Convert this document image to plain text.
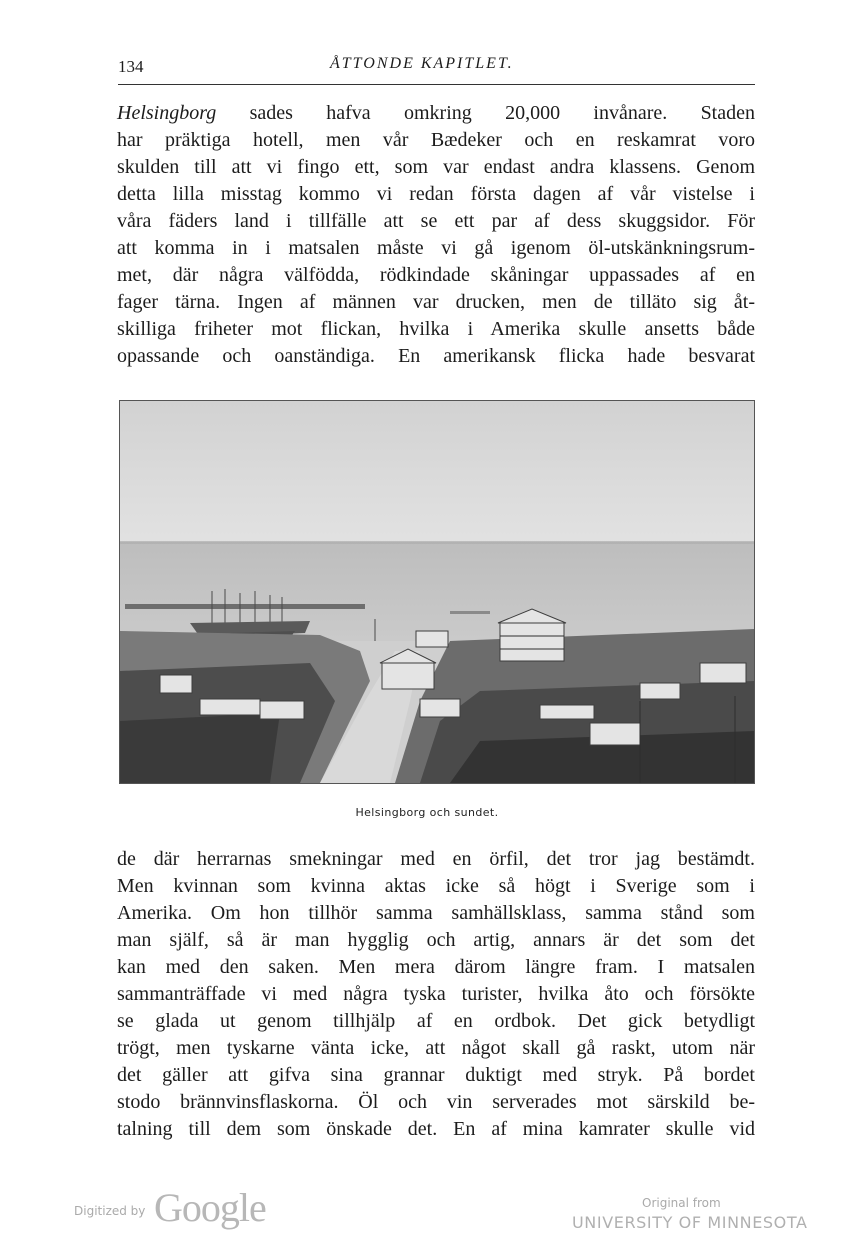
134	ÅTTONDE KAPITLET.
Helsingborg sades hafva omkring 20,000 invånare. Staden
har präktiga hotell, men vår Bædeker och en reskamrat voro
skulden till att vi fingo ett, som var endast andra klassens. Genom
detta lilla misstag kommo vi redan första dagen af vår vistelse i
våra fäders land i tillfälle att se ett par af dess skuggsidor. För
att komma in i matsalen måste vi gå igenom öl-utskänkningsrum-
met, där några välfödda, rödkindade skåningar uppassades af en
fager tärna. Ingen af männen var drucken, men de tilläto sig åt-
skilliga friheter mot flickan, hvilka i Amerika skulle ansetts både
opassande och oanständiga. En amerikansk flicka hade besvarat
Helsingborg och sundet.
de där herrarnas smekningar med en örfil, det tror jag bestämdt.
Men kvinnan som kvinna aktas icke så högt i Sverige som i
Amerika. Om hon tillhör samma samhällsklass, samma stånd som
man själf, så är man hygglig och artig, annars är det som det
kan med den saken. Men mera därom längre fram. I matsalen
sammanträffade vi med några tyska turister, hvilka åto och försökte
se glada ut genom tillhjälp af en ordbok. Det gick betydligt
trögt, men tyskarne vänta icke, att något skall gå raskt, utom när
det gäller att gifva sina grannar duktigt med stryk. På bordet
stodo brännvinsflaskorna. Öl och vin serverades mot särskild be-
talning till dem som önskade det. En af mina kamrater skulle vid
Digitized by Google	Original from
UNIVERSITY OF MINNESOTA
